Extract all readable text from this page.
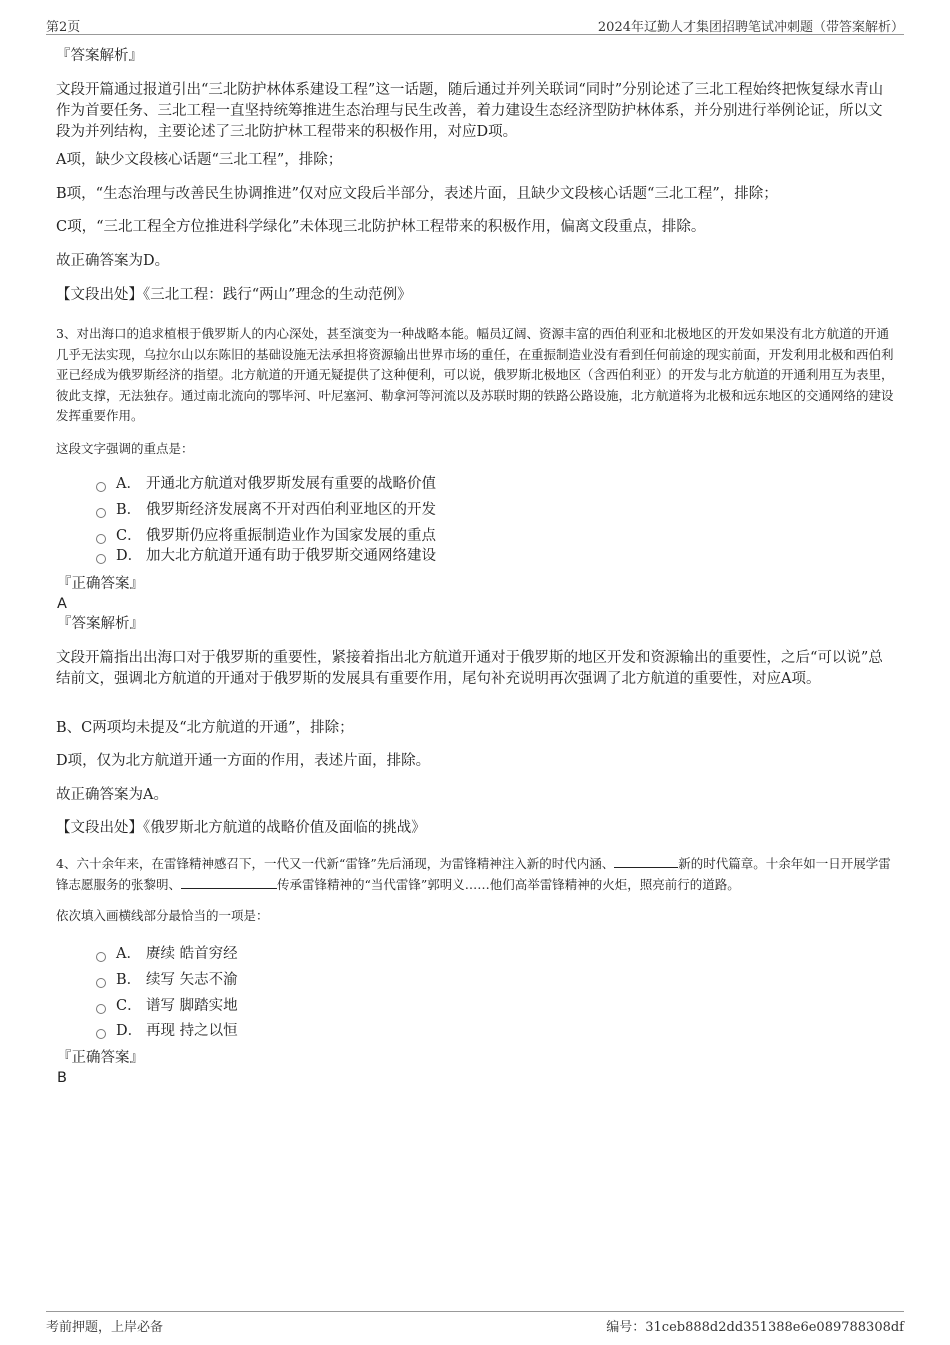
第2页	2024年辽勤人才集团招聘笔试冲刺题（带答案解析）
『答案解析』
文段开篇通过报道引出“三北防护林体系建设工程”这一话题，随后通过并列关联词“同时”分别论述了三北工程始终把恢复绿水青山作为首要任务、三北工程一直坚持统筹推进生态治理与民生改善，着力建设生态经济型防护林体系，并分别进行举例论证，所以文段为并列结构，主要论述了三北防护林工程带来的积极作用，对应D项。
A项，缺少文段核心话题“三北工程”，排除；
B项，“生态治理与改善民生协调推进”仅对应文段后半部分，表述片面，且缺少文段核心话题“三北工程”，排除；
C项，“三北工程全方位推进科学绿化”未体现三北防护林工程带来的积极作用，偏离文段重点，排除。
故正确答案为D。
【文段出处】《三北工程：践行“两山”理念的生动范例》
3、对出海口的追求植根于俄罗斯人的内心深处，甚至演变为一种战略本能。幅员辽阔、资源丰富的西伯利亚和北极地区的开发如果没有北方航道的开通几乎无法实现，乌拉尔山以东陈旧的基础设施无法承担将资源输出世界市场的重任，在重振制造业没有看到任何前途的现实前面，开发利用北极和西伯利亚已经成为俄罗斯经济的指望。北方航道的开通无疑提供了这种便利，可以说，俄罗斯北极地区（含西伯利亚）的开发与北方航道的开通利用互为表里，彼此支撑，无法独存。通过南北流向的鄂毕河、叶尼塞河、勒拿河等河流以及苏联时期的铁路公路设施，北方航道将为北极和远东地区的交通网络的建设发挥重要作用。
这段文字强调的重点是：
A． 开通北方航道对俄罗斯发展有重要的战略价值
B． 俄罗斯经济发展离不开对西伯利亚地区的开发
C． 俄罗斯仍应将重振制造业作为国家发展的重点
D． 加大北方航道开通有助于俄罗斯交通网络建设
『正确答案』
A
『答案解析』
文段开篇指出出海口对于俄罗斯的重要性，紧接着指出北方航道开通对于俄罗斯的地区开发和资源输出的重要性，之后“可以说”总结前文，强调北方航道的开通对于俄罗斯的发展具有重要作用，尾句补充说明再次强调了北方航道的重要性，对应A项。
B、C两项均未提及“北方航道的开通”，排除；
D项，仅为北方航道开通一方面的作用，表述片面，排除。
故正确答案为A。
【文段出处】《俄罗斯北方航道的战略价值及面临的挑战》
4、六十余年来，在雷锋精神感召下，一代又一代新“雷锋”先后涌现，为雷锋精神注入新的时代内涵、	新的时代篇章。十余年如一日开展学雷锋志愿服务的张黎明、	传承雷锋精神的“当代雷锋”郭明义……他们高举雷锋精神的火炬，照亮前行的道路。
依次填入画横线部分最恰当的一项是：
A． 赓续 皓首穷经
B． 续写 矢志不渝
C． 谱写 脚踏实地
D． 再现 持之以恒
『正确答案』
B
考前押题，上岸必备	编号：31ceb888d2dd351388e6e089788308df
